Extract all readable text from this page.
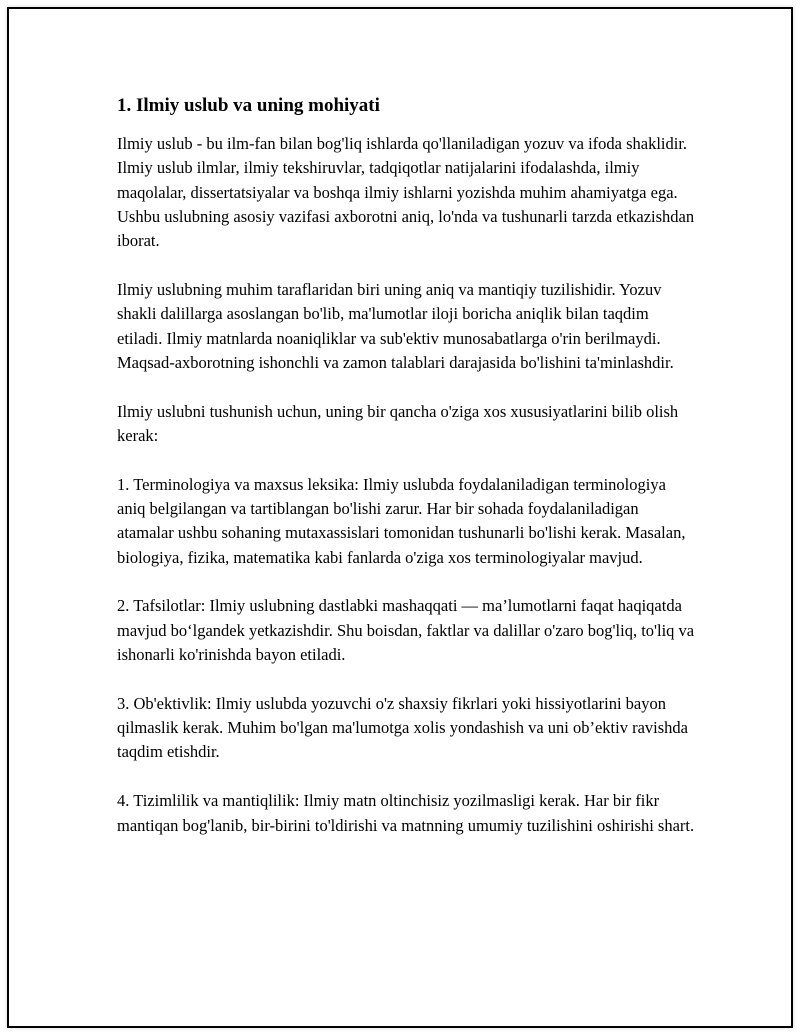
1. Ilmiy uslub va uning mohiyati

Ilmiy uslub - bu ilm-fan bilan bog'liq ishlarda qo'llaniladigan yozuv va ifoda shaklidir. Ilmiy uslub ilmlar, ilmiy tekshiruvlar, tadqiqotlar natijalarini ifodalashda, ilmiy maqolalar, dissertatsiyalar va boshqa ilmiy ishlarni yozishda muhim ahamiyatga ega. Ushbu uslubning asosiy vazifasi axborotni aniq, lo'nda va tushunarli tarzda etkazishdan iborat.

Ilmiy uslubning muhim taraflaridan biri uning aniq va mantiqiy tuzilishidir. Yozuv shakli dalillarga asoslangan bo'lib, ma'lumotlar iloji boricha aniqlik bilan taqdim etiladi. Ilmiy matnlarda noaniqliklar va sub'ektiv munosabatlarga o'rin berilmaydi. Maqsad-axborotning ishonchli va zamon talablari darajasida bo'lishini ta'minlashdir.

Ilmiy uslubni tushunish uchun, uning bir qancha o'ziga xos xususiyatlarini bilib olish kerak:

1. Terminologiya va maxsus leksika: Ilmiy uslubda foydalaniladigan terminologiya aniq belgilangan va tartiblangan bo'lishi zarur. Har bir sohada foydalaniladigan atamalar ushbu sohaning mutaxassislari tomonidan tushunarli bo'lishi kerak. Masalan, biologiya, fizika, matematika kabi fanlarda o'ziga xos terminologiyalar mavjud.

2. Tafsilotlar: Ilmiy uslubning dastlabki mashaqqati — ma’lumotlarni faqat haqiqatda mavjud bo‘lgandek yetkazishdir. Shu boisdan, faktlar va dalillar o'zaro bog'liq, to'liq va ishonarli ko'rinishda bayon etiladi.

3. Ob'ektivlik: Ilmiy uslubda yozuvchi o'z shaxsiy fikrlari yoki hissiyotlarini bayon qilmaslik kerak. Muhim bo'lgan ma'lumotga xolis yondashish va uni ob’ektiv ravishda taqdim etishdir.

4. Tizimlilik va mantiqlilik: Ilmiy matn oltinchisiz yozilmasligi kerak. Har bir fikr mantiqan bog'lanib, bir-birini to'ldirishi va matnning umumiy tuzilishini oshirishi shart.
